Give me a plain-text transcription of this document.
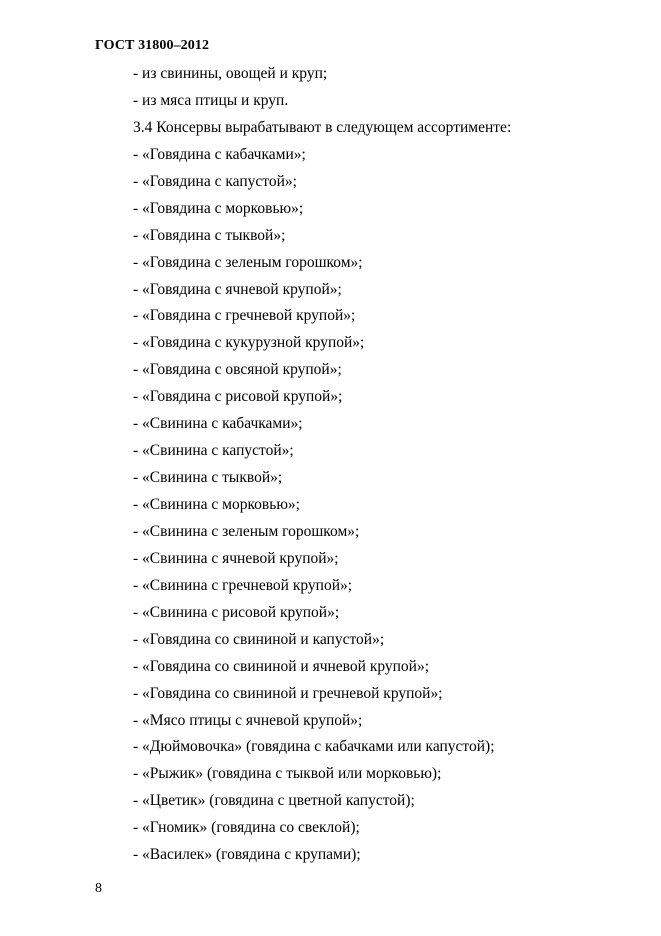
ГОСТ 31800–2012
- из свинины, овощей и круп;
- из мяса птицы и круп.
3.4 Консервы вырабатывают в следующем ассортименте:
- «Говядина с кабачками»;
- «Говядина с капустой»;
- «Говядина с морковью»;
- «Говядина с тыквой»;
- «Говядина с зеленым горошком»;
- «Говядина с ячневой крупой»;
- «Говядина с гречневой крупой»;
- «Говядина с кукурузной крупой»;
- «Говядина с овсяной крупой»;
- «Говядина с рисовой крупой»;
- «Свинина с кабачками»;
- «Свинина с капустой»;
- «Свинина с тыквой»;
- «Свинина с морковью»;
- «Свинина с зеленым горошком»;
- «Свинина с ячневой крупой»;
- «Свинина с гречневой крупой»;
- «Свинина с рисовой крупой»;
- «Говядина со свининой и капустой»;
- «Говядина со свининой и ячневой крупой»;
- «Говядина со свининой и гречневой крупой»;
- «Мясо птицы с ячневой крупой»;
- «Дюймовочка» (говядина с кабачками или капустой);
- «Рыжик» (говядина с тыквой или морковью);
- «Цветик» (говядина с цветной капустой);
- «Гномик» (говядина со свеклой);
- «Василек» (говядина с крупами);
8
